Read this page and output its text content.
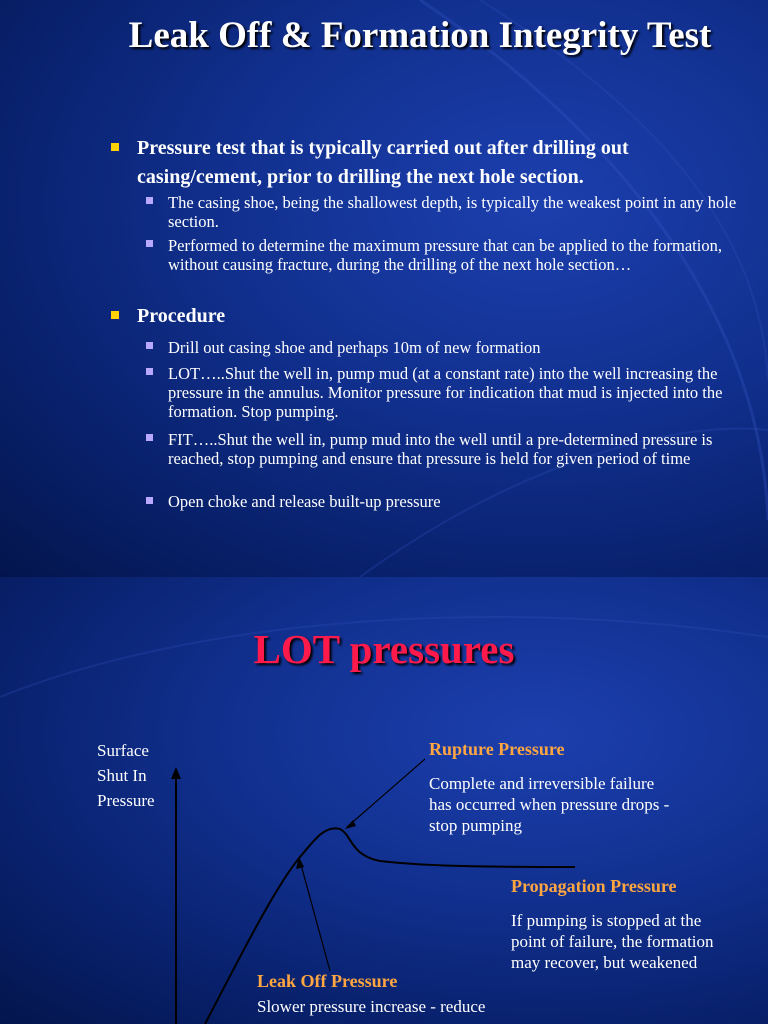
Leak Off & Formation Integrity Test
Pressure test that is typically carried out after drilling out casing/cement, prior to drilling the next hole section.
The casing shoe, being the shallowest depth, is typically the weakest point in any hole section.
Performed to determine the maximum pressure that can be applied to the formation, without causing fracture, during the drilling of the next hole section…
Procedure
Drill out casing shoe and perhaps 10m of new formation
LOT…..Shut the well in, pump mud (at a constant rate) into the well increasing the pressure in the annulus. Monitor pressure for indication that mud is injected into the formation. Stop pumping.
FIT…..Shut the well in, pump mud into the well until a pre-determined pressure is reached, stop pumping and ensure that pressure is held for given period of time
Open choke and release built-up pressure
LOT pressures
Surface
Shut In
Pressure
Rupture Pressure
Complete and irreversible failure
has occurred when pressure drops -
stop pumping
Propagation Pressure
If pumping is stopped at the
point of failure, the formation
may recover, but weakened
Leak Off Pressure
Slower pressure increase - reduce
